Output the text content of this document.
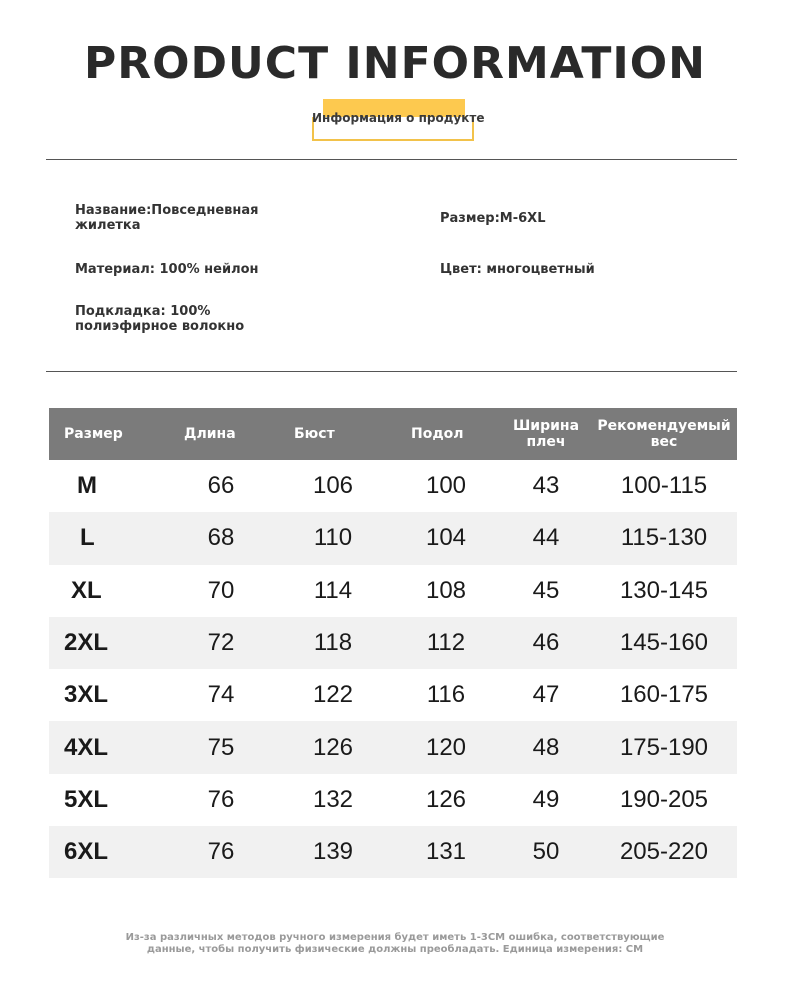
PRODUCT INFORMATION
Информация о продукте
Название:Повседневная жилетка
Материал: 100% нейлон
Подкладка: 100% полиэфирное волокно
Размер:M-6XL
Цвет: многоцветный
Размер	Длина	Бюст	Подол	Ширина плеч	Рекомендуемый вес
M	66	106	100	43	100-115
L	68	110	104	44	115-130
XL	70	114	108	45	130-145
2XL	72	118	112	46	145-160
3XL	74	122	116	47	160-175
4XL	75	126	120	48	175-190
5XL	76	132	126	49	190-205
6XL	76	139	131	50	205-220
Из-за различных методов ручного измерения будет иметь 1-3CM ошибка, соответствующие данные, чтобы получить физические должны преобладать. Единица измерения: CM
